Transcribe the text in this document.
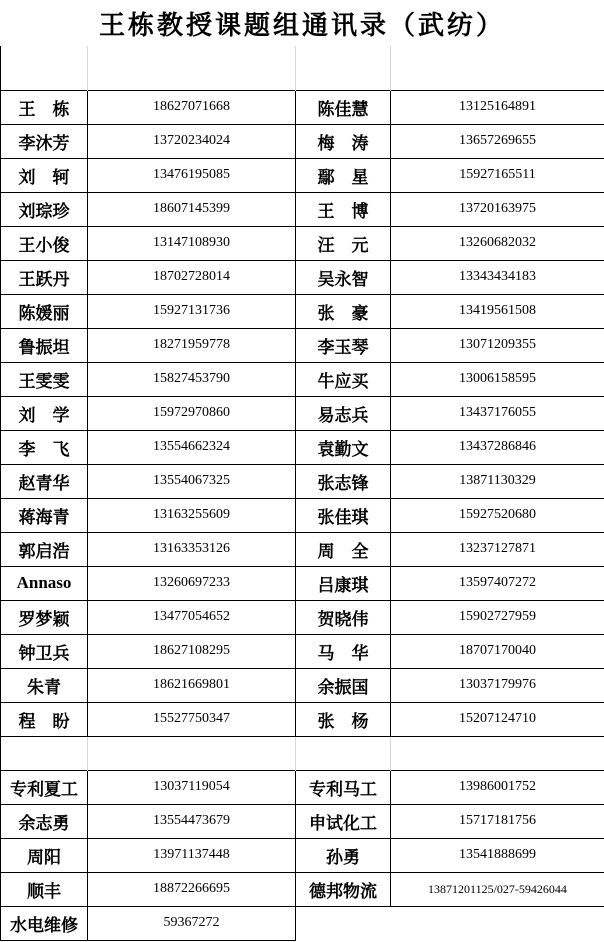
王栋教授课题组通讯录（武纺）

王　栋	18627071668	陈佳慧	13125164891
李沐芳	13720234024	梅　涛	13657269655
刘　轲	13476195085	鄢　星	15927165511
刘琮珍	18607145399	王　博	13720163975
王小俊	13147108930	汪　元	13260682032
王跃丹	18702728014	吴永智	13343434183
陈媛丽	15927131736	张　豪	13419561508
鲁振坦	18271959778	李玉琴	13071209355
王雯雯	15827453790	牛应买	13006158595
刘　学	15972970860	易志兵	13437176055
李　飞	13554662324	袁勤文	13437286846
赵青华	13554067325	张志锋	13871130329
蒋海青	13163255609	张佳琪	15927520680
郭启浩	13163353126	周　全	13237127871
Annaso	13260697233	吕康琪	13597407272
罗梦颖	13477054652	贺晓伟	15902727959
钟卫兵	18627108295	马　华	18707170040
朱青	18621669801	余振国	13037179976
程　盼	15527750347	张　杨	15207124710

专利夏工	13037119054	专利马工	13986001752
余志勇	13554473679	申试化工	15717181756
周阳	13971137448	孙勇	13541888699
顺丰	18872266695	德邦物流	13871201125/027-59426044
水电维修	59367272		
